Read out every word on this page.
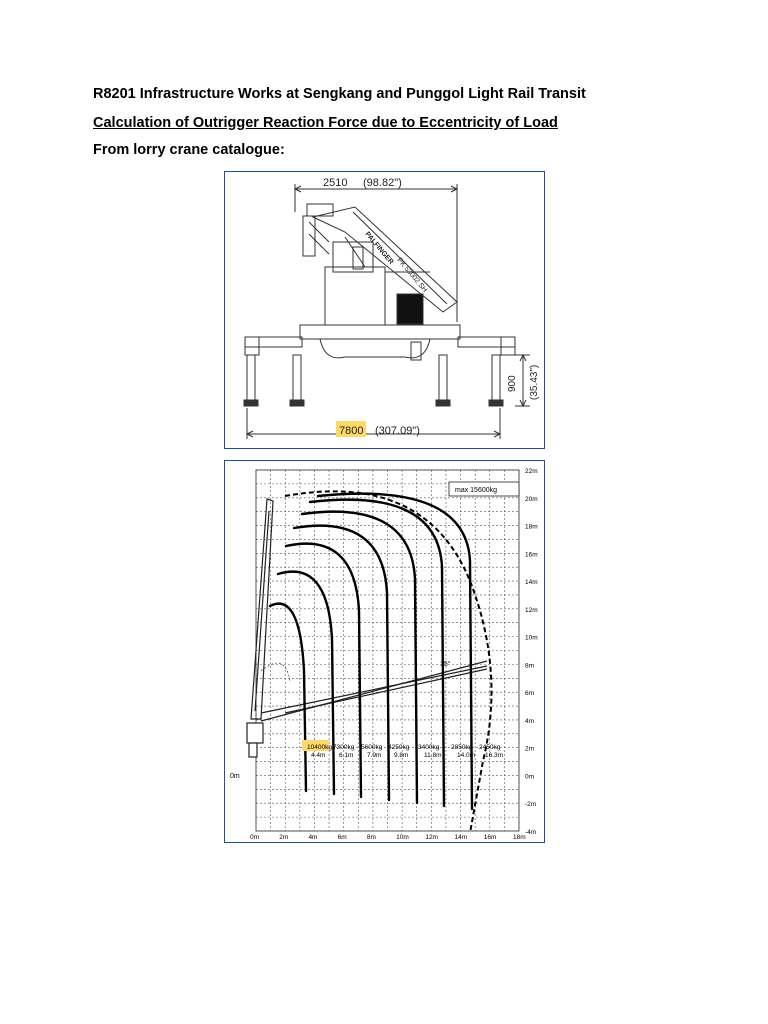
R8201 Infrastructure Works at Sengkang and Punggol Light Rail Transit
Calculation of Outrigger Reaction Force due to Eccentricity of Load
From lorry crane catalogue:
PALFINGER
PK 53002 SH
2510 (98.82")
900 (35.43")
7800 (307.09")
22m
20m
18m
16m
14m
12m
10m
8m
6m
4m
2m
0m
-2m
-4m
0m	2m	4m	6m	8m	10m	12m	14m	16m	18m
max 15600kg
15°
0m
10400kg
4.4m
7300kg
6.1m
5600kg
7.9m
4250kg
9.8m
3400kg
11.8m
2850kg
14.0m
2450kg
16.3m
